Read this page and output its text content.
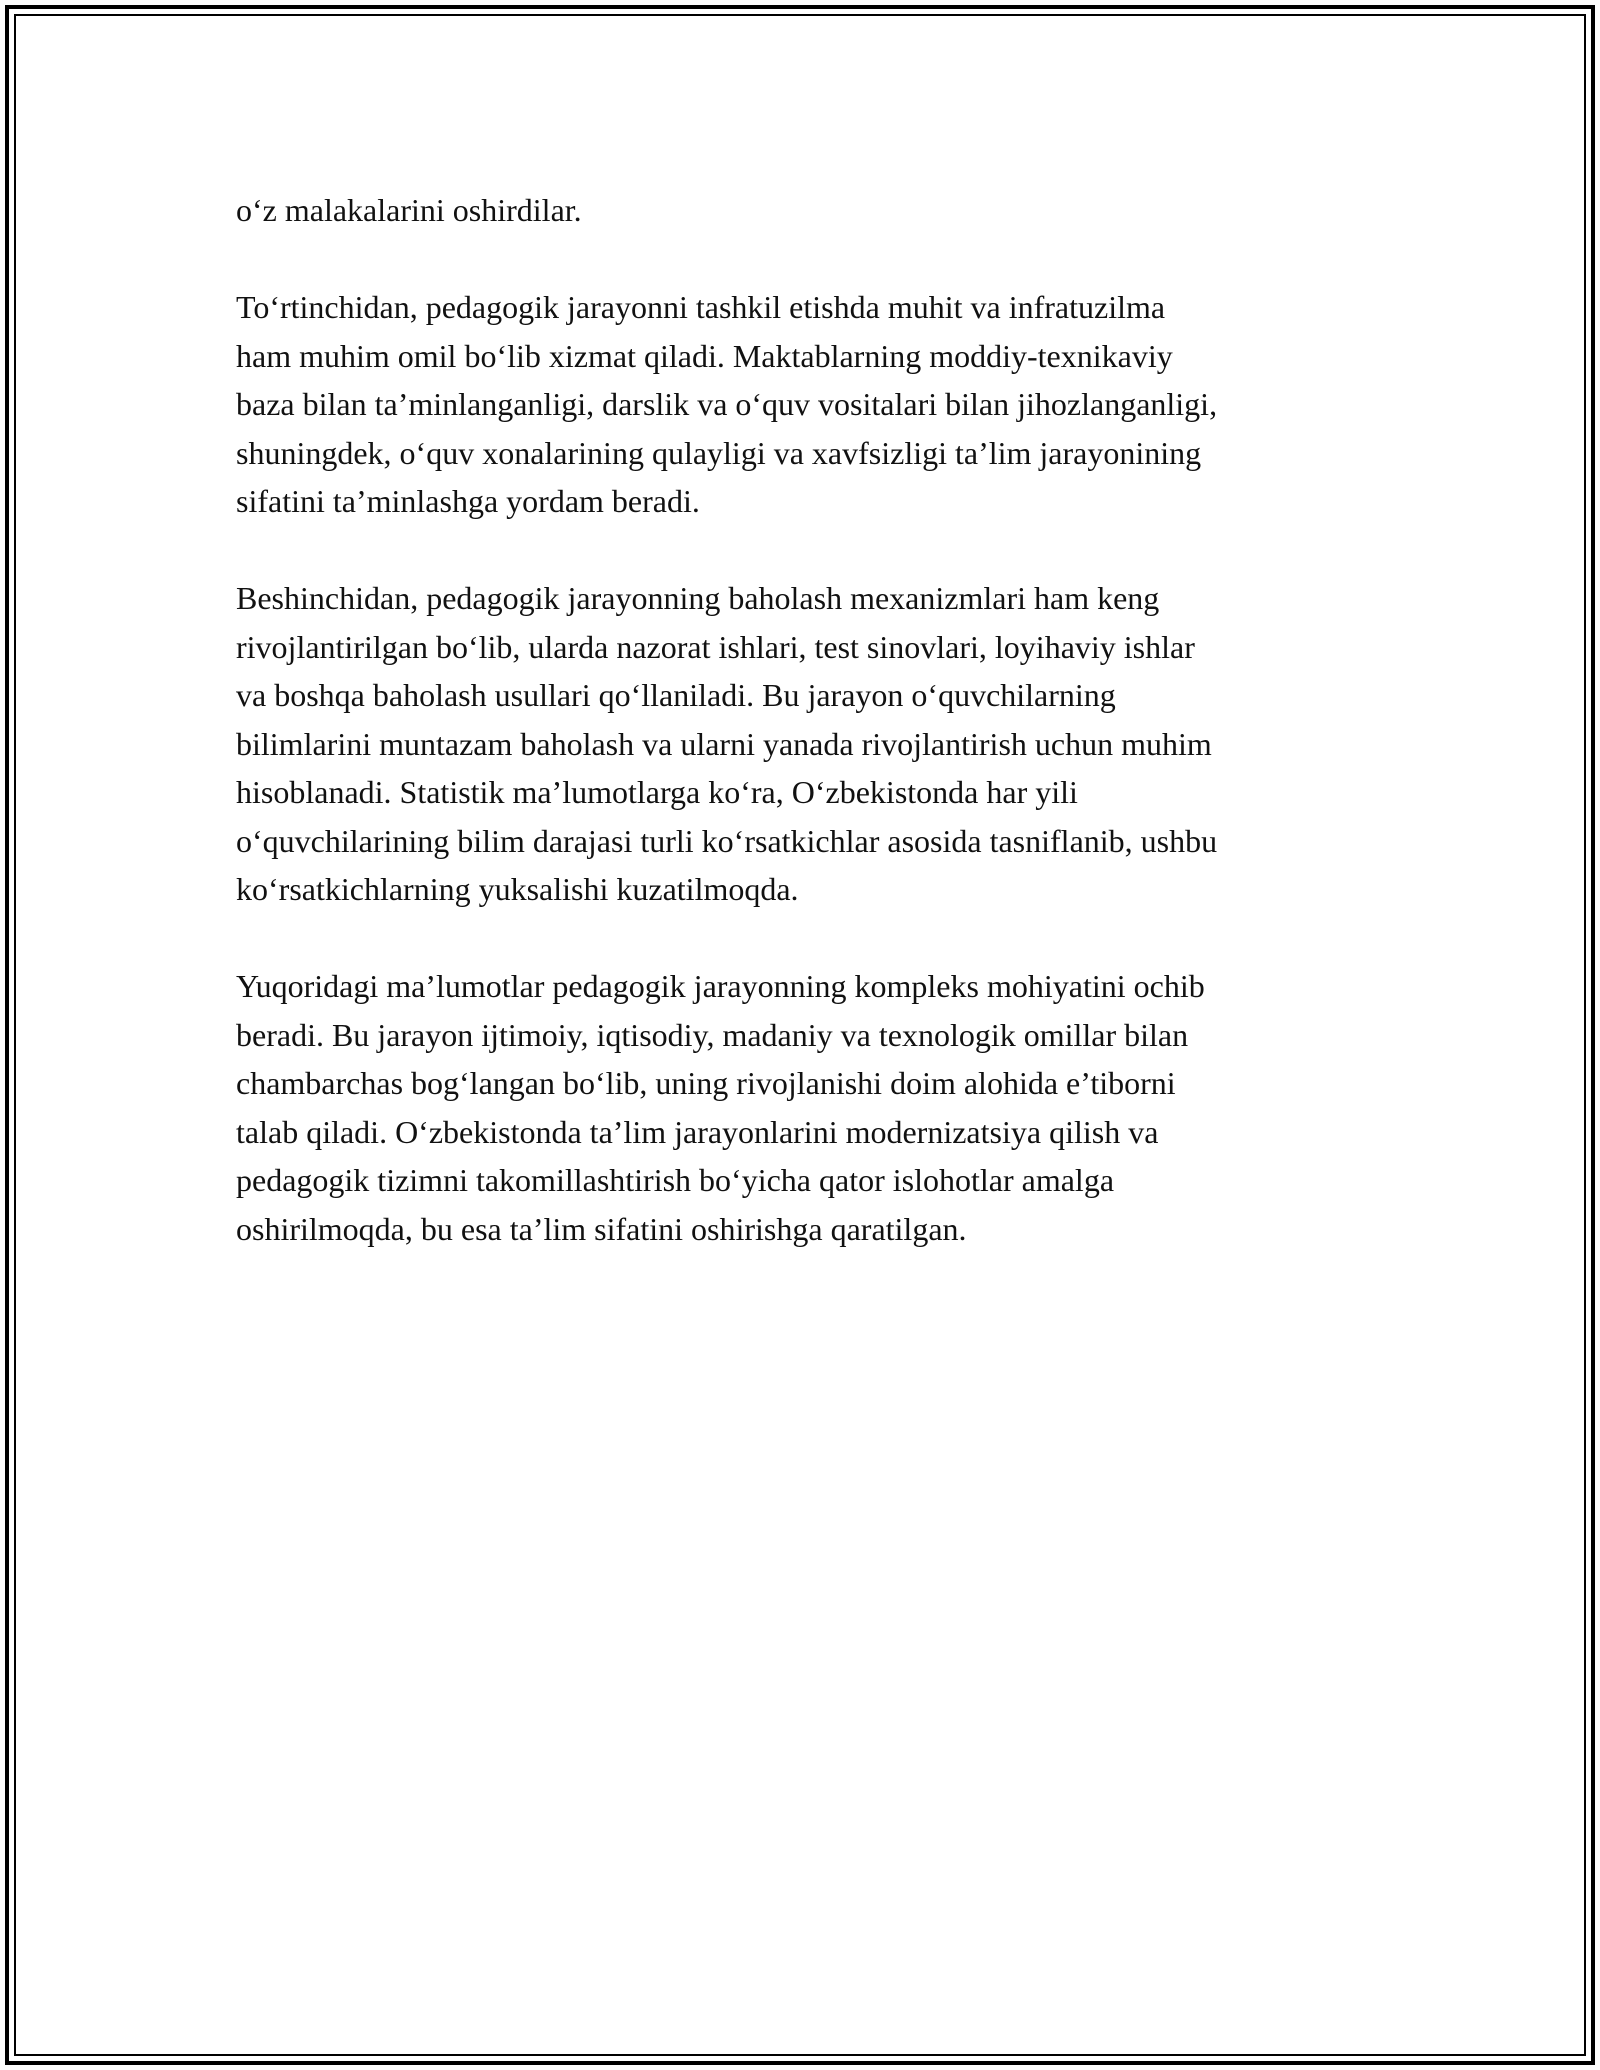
o‘z malakalarini oshirdilar.

To‘rtinchidan, pedagogik jarayonni tashkil etishda muhit va infratuzilma
ham muhim omil bo‘lib xizmat qiladi. Maktablarning moddiy-texnikaviy
baza bilan ta’minlanganligi, darslik va o‘quv vositalari bilan jihozlanganligi,
shuningdek, o‘quv xonalarining qulayligi va xavfsizligi ta’lim jarayonining
sifatini ta’minlashga yordam beradi.

Beshinchidan, pedagogik jarayonning baholash mexanizmlari ham keng
rivojlantirilgan bo‘lib, ularda nazorat ishlari, test sinovlari, loyihaviy ishlar
va boshqa baholash usullari qo‘llaniladi. Bu jarayon o‘quvchilarning
bilimlarini muntazam baholash va ularni yanada rivojlantirish uchun muhim
hisoblanadi. Statistik ma’lumotlarga ko‘ra, O‘zbekistonda har yili
o‘quvchilarining bilim darajasi turli ko‘rsatkichlar asosida tasniflanib, ushbu
ko‘rsatkichlarning yuksalishi kuzatilmoqda.

Yuqoridagi ma’lumotlar pedagogik jarayonning kompleks mohiyatini ochib
beradi. Bu jarayon ijtimoiy, iqtisodiy, madaniy va texnologik omillar bilan
chambarchas bog‘langan bo‘lib, uning rivojlanishi doim alohida e’tiborni
talab qiladi. O‘zbekistonda ta’lim jarayonlarini modernizatsiya qilish va
pedagogik tizimni takomillashtirish bo‘yicha qator islohotlar amalga
oshirilmoqda, bu esa ta’lim sifatini oshirishga qaratilgan.
